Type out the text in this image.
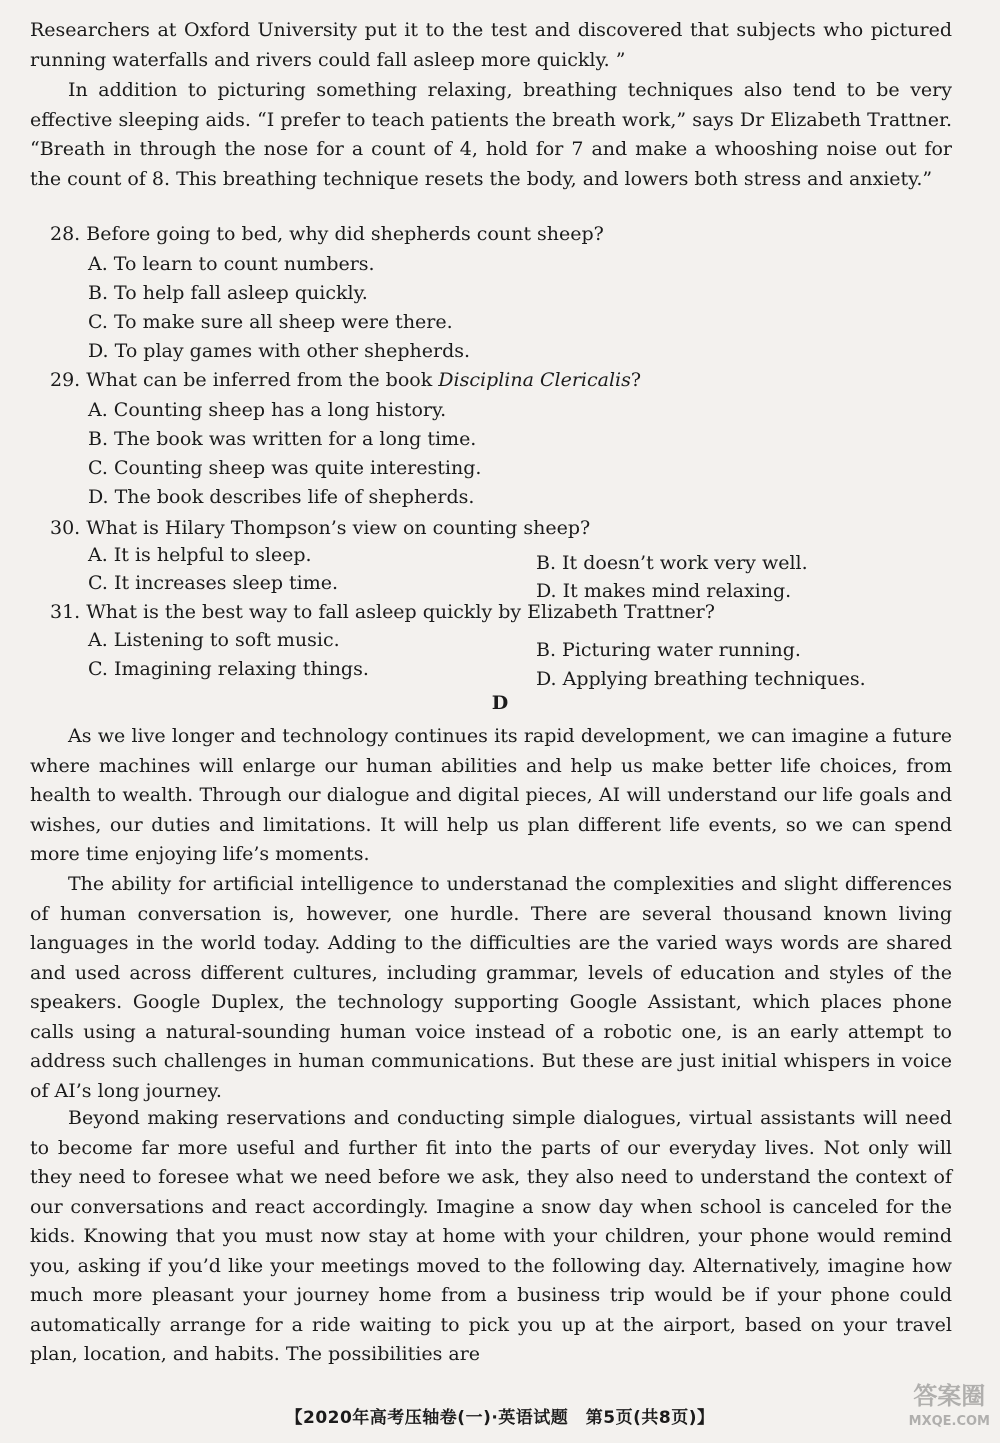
Researchers at Oxford University put it to the test and discovered that subjects who pictured running waterfalls and rivers could fall asleep more quickly. ”

In addition to picturing something relaxing, breathing techniques also tend to be very effective sleeping aids. “I prefer to teach patients the breath work,” says Dr Elizabeth Trattner. “Breath in through the nose for a count of 4, hold for 7 and make a whooshing noise out for the count of 8. This breathing technique resets the body, and lowers both stress and anxiety.”

28. Before going to bed, why did shepherds count sheep?

A. To learn to count numbers.

B. To help fall asleep quickly.

C. To make sure all sheep were there.

D. To play games with other shepherds.

29. What can be inferred from the book Disciplina Clericalis?

A. Counting sheep has a long history.

B. The book was written for a long time.

C. Counting sheep was quite interesting.

D. The book describes life of shepherds.

30. What is Hilary Thompson’s view on counting sheep?

A. It is helpful to sleep.	B. It doesn’t work very well.

C. It increases sleep time.	D. It makes mind relaxing.

31. What is the best way to fall asleep quickly by Elizabeth Trattner?

A. Listening to soft music.	B. Picturing water running.

C. Imagining relaxing things.	D. Applying breathing techniques.

D

As we live longer and technology continues its rapid development, we can imagine a future where machines will enlarge our human abilities and help us make better life choices, from health to wealth. Through our dialogue and digital pieces, AI will understand our life goals and wishes, our duties and limitations. It will help us plan different life events, so we can spend more time enjoying life’s moments.

The ability for artificial intelligence to understanad the complexities and slight differences of human conversation is, however, one hurdle. There are several thousand known living languages in the world today. Adding to the difficulties are the varied ways words are shared and used across different cultures, including grammar, levels of education and styles of the speakers. Google Duplex, the technology supporting Google Assistant, which places phone calls using a natural-sounding human voice instead of a robotic one, is an early attempt to address such challenges in human communications. But these are just initial whispers in voice of AI’s long journey.

Beyond making reservations and conducting simple dialogues, virtual assistants will need to become far more useful and further fit into the parts of our everyday lives. Not only will they need to foresee what we need before we ask, they also need to understand the context of our conversations and react accordingly. Imagine a snow day when school is canceled for the kids. Knowing that you must now stay at home with your children, your phone would remind you, asking if you’d like your meetings moved to the following day. Alternatively, imagine how much more pleasant your journey home from a business trip would be if your phone could automatically arrange for a ride waiting to pick you up at the airport, based on your travel plan, location, and habits. The possibilities are

【2020年高考压轴卷(一)·英语试题　第5页(共8页)】

答案圈
MXQE.COM
